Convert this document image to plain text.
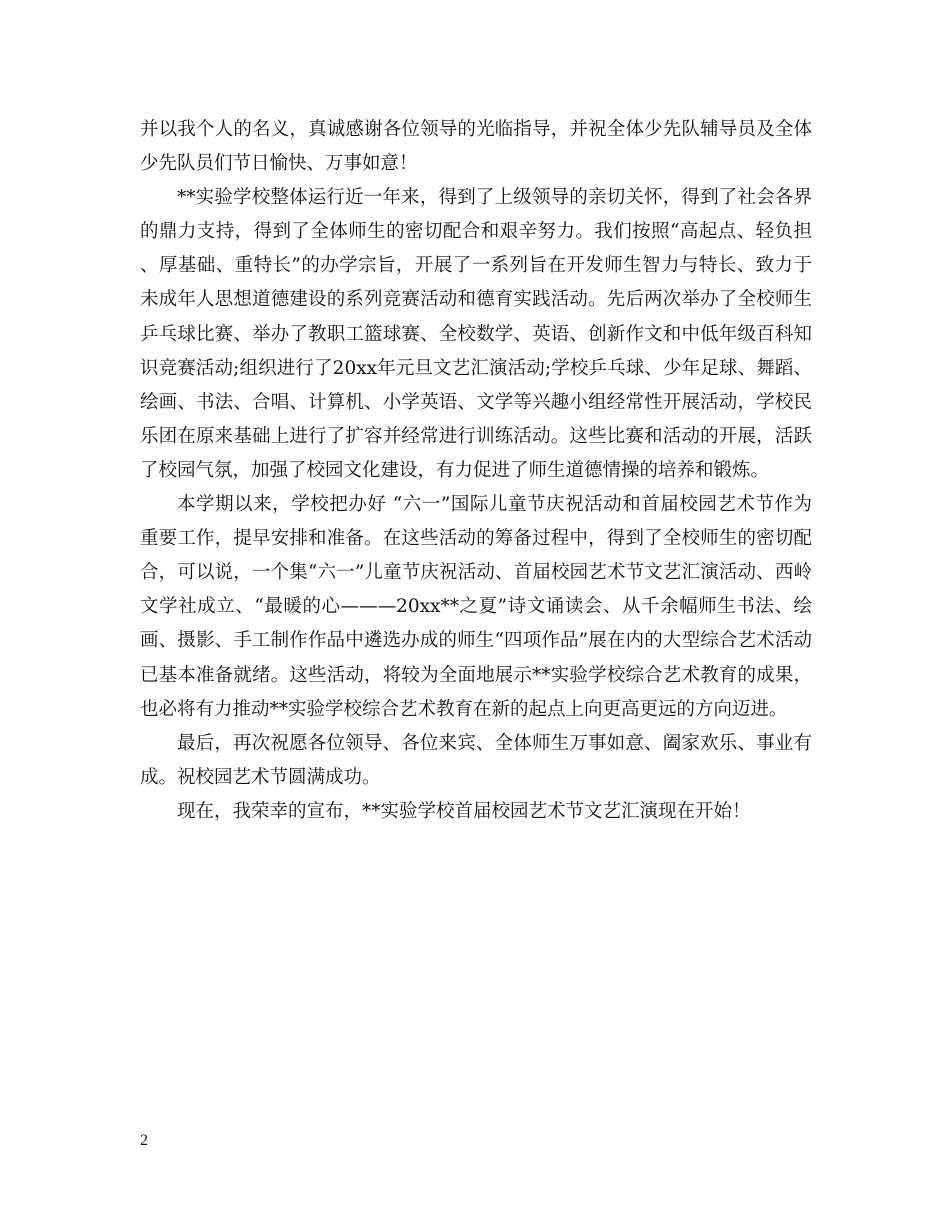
并以我个人的名义，真诚感谢各位领导的光临指导，并祝全体少先队辅导员及全体少先队员们节日愉快、万事如意！

**实验学校整体运行近一年来，得到了上级领导的亲切关怀，得到了社会各界的鼎力支持，得到了全体师生的密切配合和艰辛努力。我们按照“高起点、轻负担、厚基础、重特长”的办学宗旨，开展了一系列旨在开发师生智力与特长、致力于未成年人思想道德建设的系列竞赛活动和德育实践活动。先后两次举办了全校师生乒乓球比赛、举办了教职工篮球赛、全校数学、英语、创新作文和中低年级百科知识竞赛活动;组织进行了20xx年元旦文艺汇演活动;学校乒乓球、少年足球、舞蹈、绘画、书法、合唱、计算机、小学英语、文学等兴趣小组经常性开展活动，学校民乐团在原来基础上进行了扩容并经常进行训练活动。这些比赛和活动的开展，活跃了校园气氛，加强了校园文化建设，有力促进了师生道德情操的培养和锻炼。

本学期以来，学校把办好 “六一”国际儿童节庆祝活动和首届校园艺术节作为重要工作，提早安排和准备。在这些活动的筹备过程中，得到了全校师生的密切配合，可以说，一个集“六一”儿童节庆祝活动、首届校园艺术节文艺汇演活动、西岭文学社成立、“最暖的心———20xx**之夏”诗文诵读会、从千余幅师生书法、绘画、摄影、手工制作作品中遴选办成的师生“四项作品”展在内的大型综合艺术活动已基本准备就绪。这些活动，将较为全面地展示**实验学校综合艺术教育的成果，也必将有力推动**实验学校综合艺术教育在新的起点上向更高更远的方向迈进。

最后，再次祝愿各位领导、各位来宾、全体师生万事如意、阖家欢乐、事业有成。祝校园艺术节圆满成功。

现在，我荣幸的宣布，**实验学校首届校园艺术节文艺汇演现在开始！

2
